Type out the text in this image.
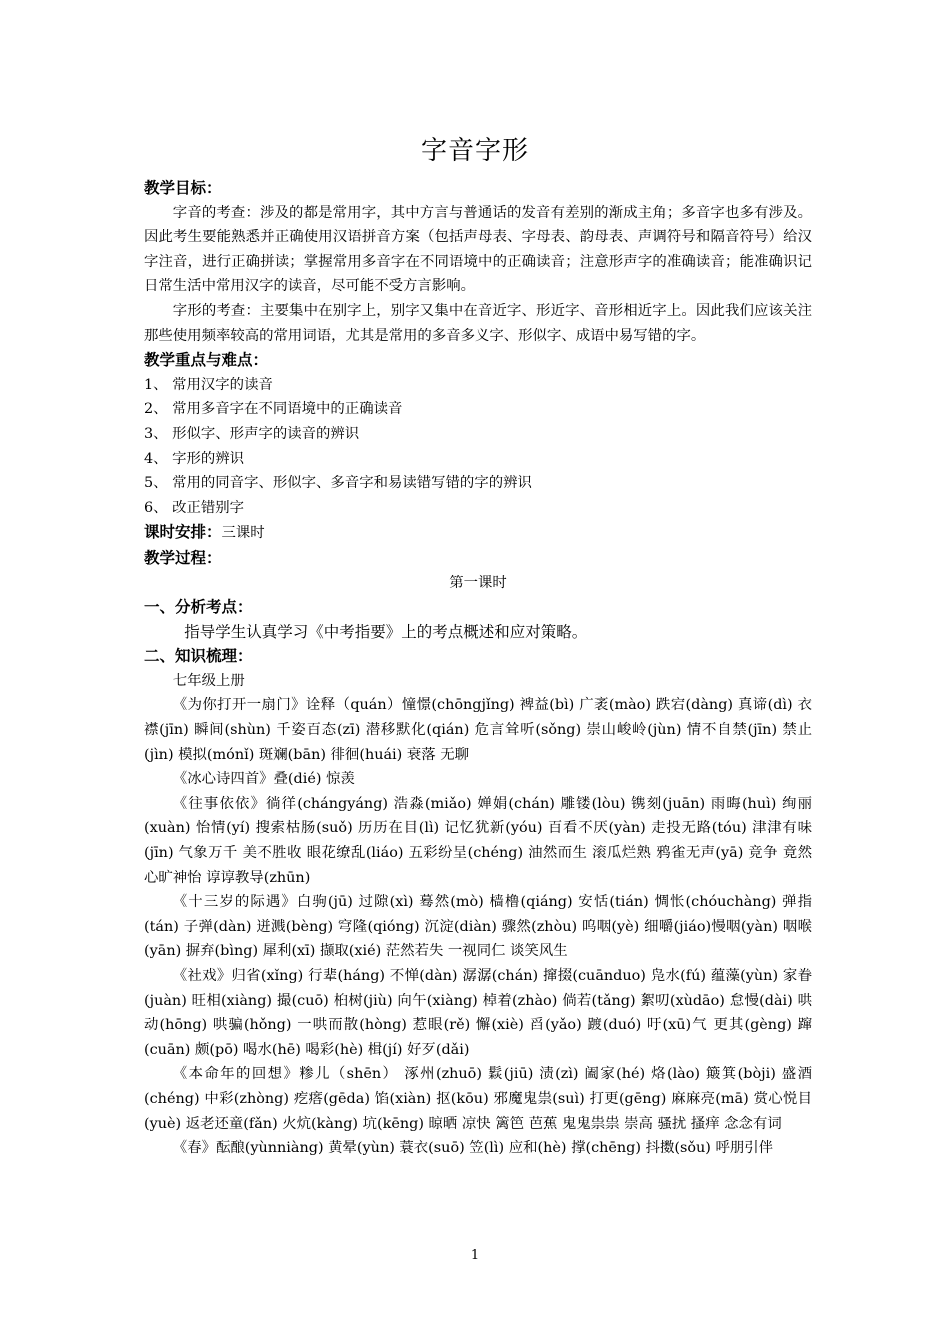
字音字形
教学目标：

字音的考查：涉及的都是常用字，其中方言与普通话的发音有差别的渐成主角；多音字也多有涉及。因此考生要能熟悉并正确使用汉语拼音方案（包括声母表、字母表、韵母表、声调符号和隔音符号）给汉字注音，进行正确拼读；掌握常用多音字在不同语境中的正确读音；注意形声字的准确读音；能准确识记日常生活中常用汉字的读音，尽可能不受方言影响。

字形的考查：主要集中在别字上，别字又集中在音近字、形近字、音形相近字上。因此我们应该关注那些使用频率较高的常用词语，尤其是常用的多音多义字、形似字、成语中易写错的字。

教学重点与难点：
1、 常用汉字的读音
2、 常用多音字在不同语境中的正确读音
3、 形似字、形声字的读音的辨识
4、 字形的辨识
5、 常用的同音字、形似字、多音字和易读错写错的字的辨识
6、 改正错别字
课时安排：三课时
教学过程：
第一课时
一、分析考点：
指导学生认真学习《中考指要》上的考点概述和应对策略。
二、知识梳理：
七年级上册

《为你打开一扇门》诠释（quán）憧憬(chōngjǐng) 裨益(bì) 广袤(mào) 跌宕(dàng) 真谛(dì) 衣襟(jīn) 瞬间(shùn) 千姿百态(zī) 潜移默化(qián) 危言耸听(sǒng) 崇山峻岭(jùn) 情不自禁(jīn) 禁止(jìn) 模拟(mónǐ) 斑斓(bān) 徘徊(huái) 衰落 无聊

《冰心诗四首》叠(dié) 惊羡

《往事依依》徜徉(chángyáng) 浩淼(miǎo) 婵娟(chán) 雕镂(lòu) 镌刻(juān) 雨晦(huì) 绚丽(xuàn) 怡情(yí) 搜索枯肠(suǒ) 历历在目(lì) 记忆犹新(yóu) 百看不厌(yàn) 走投无路(tóu) 津津有味(jīn) 气象万千 美不胜收 眼花缭乱(liáo) 五彩纷呈(chéng) 油然而生 滚瓜烂熟 鸦雀无声(yā) 竞争 竟然 心旷神怡 谆谆教导(zhūn)

《十三岁的际遇》白驹(jū) 过隙(xì) 蓦然(mò) 樯橹(qiáng) 安恬(tián) 惆怅(chóuchàng) 弹指(tán) 子弹(dàn) 迸溅(bèng) 穹隆(qióng) 沉淀(diàn) 骤然(zhòu) 呜咽(yè) 细嚼(jiáo)慢咽(yàn) 咽喉(yān) 摒弃(bìng) 犀利(xī) 撷取(xié) 茫然若失 一视同仁 谈笑风生

《社戏》归省(xǐng) 行辈(háng) 不惮(dàn) 潺潺(chán) 撺掇(cuānduo) 凫水(fú) 蕴藻(yùn) 家眷(juàn) 旺相(xiàng) 撮(cuō) 桕树(jiù) 向午(xiàng) 棹着(zhào) 倘若(tǎng) 絮叨(xùdāo) 怠慢(dài) 哄动(hōng) 哄骗(hǒng) 一哄而散(hòng) 惹眼(rě) 懈(xiè) 舀(yǎo) 踱(duó) 吁(xū)气 更其(gèng) 蹿(cuān) 颇(pō) 喝水(hē) 喝彩(hè) 楫(jí) 好歹(dǎi)

《本命年的回想》糁儿（shēn） 涿州(zhuō) 鬏(jiū) 渍(zì) 阖家(hé) 烙(lào) 簸箕(bòji) 盛酒(chéng) 中彩(zhòng) 疙瘩(gēda) 馅(xiàn) 抠(kōu) 邪魔鬼祟(suì) 打更(gēng) 麻麻亮(mā) 赏心悦目(yuè) 返老还童(fǎn) 火炕(kàng) 坑(kēng) 晾晒 凉快 篱笆 芭蕉 鬼鬼祟祟 崇高 骚扰 搔痒 念念有词

《春》酝酿(yùnniàng) 黄晕(yùn) 蓑衣(suō) 笠(lì) 应和(hè) 撑(chēng) 抖擞(sǒu) 呼朋引伴

1
